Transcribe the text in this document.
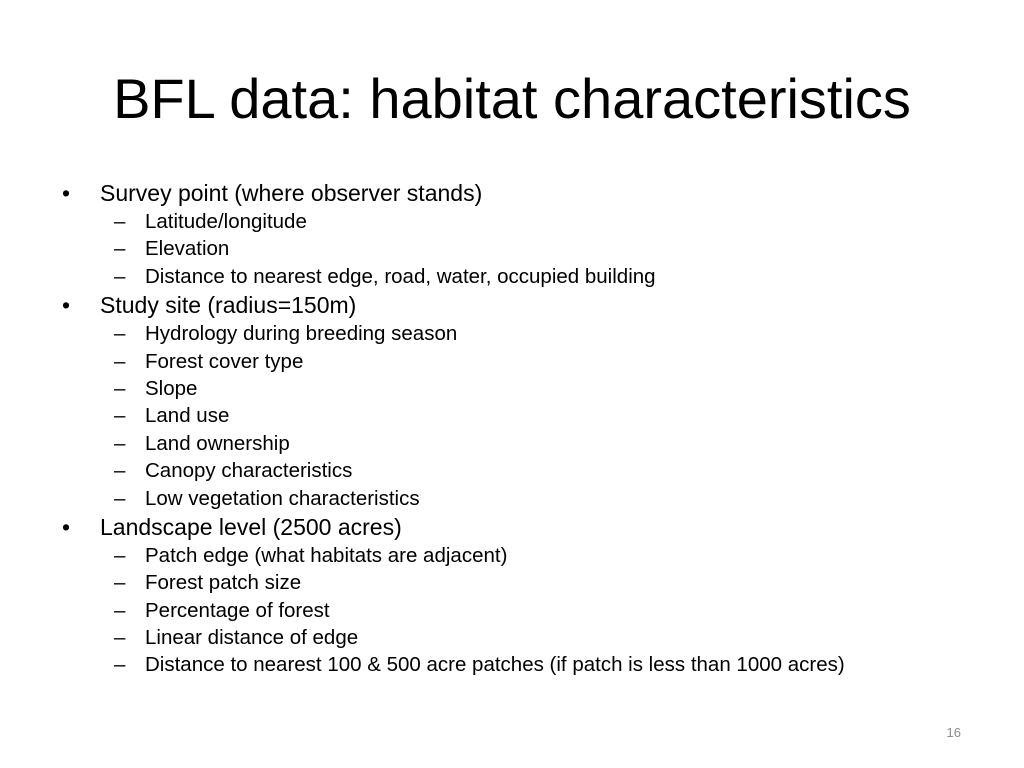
BFL data: habitat characteristics
• Survey point (where observer stands)
– Latitude/longitude
– Elevation
– Distance to nearest edge, road, water, occupied building
• Study site (radius=150m)
– Hydrology during breeding season
– Forest cover type
– Slope
– Land use
– Land ownership
– Canopy characteristics
– Low vegetation characteristics
• Landscape level (2500 acres)
– Patch edge (what habitats are adjacent)
– Forest patch size
– Percentage of forest
– Linear distance of edge
– Distance to nearest 100 & 500 acre patches (if patch is less than 1000 acres)
16
